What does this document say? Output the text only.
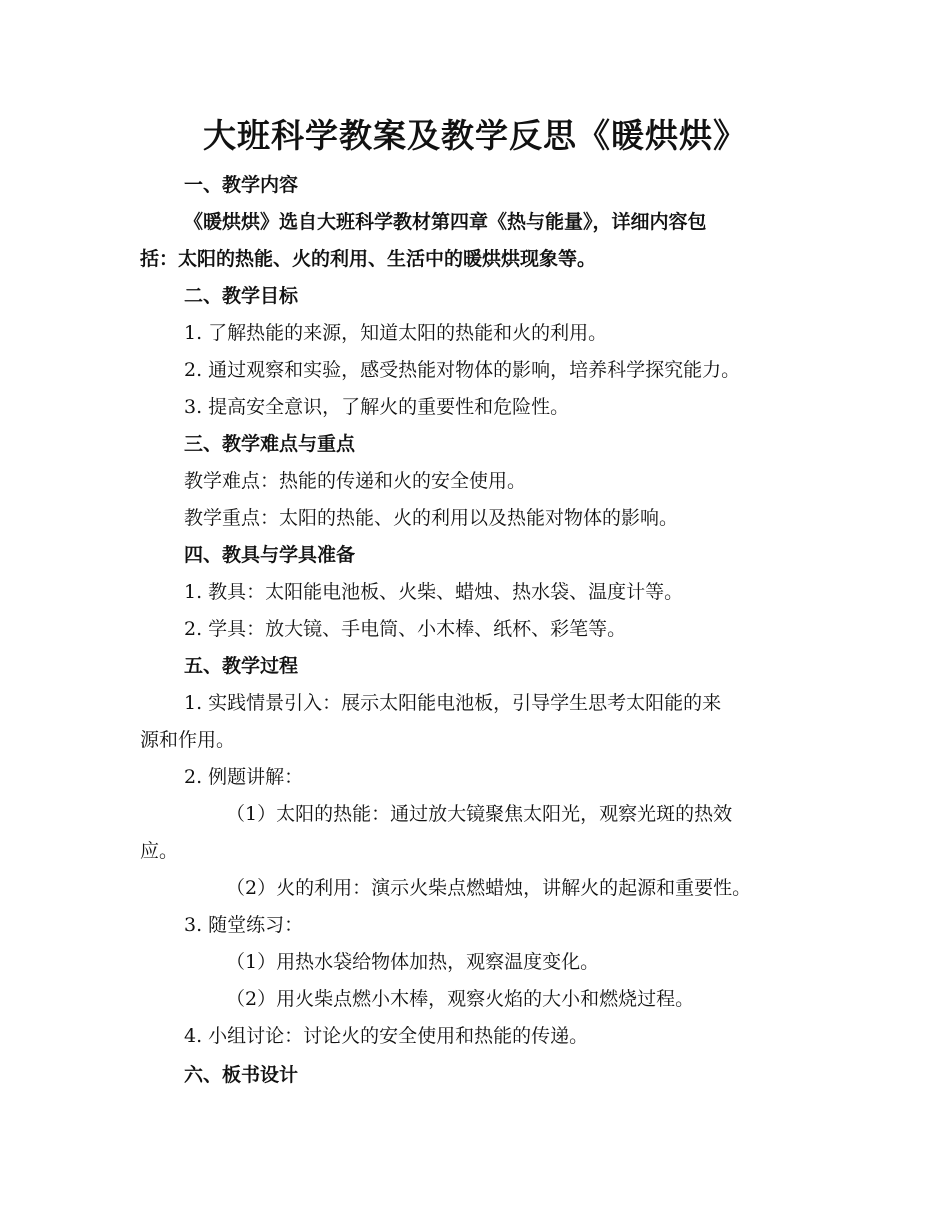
大班科学教案及教学反思《暖烘烘》

一、教学内容

《暖烘烘》选自大班科学教材第四章《热与能量》，详细内容包

括：太阳的热能、火的利用、生活中的暖烘烘现象等。

二、教学目标

1. 了解热能的来源，知道太阳的热能和火的利用。

2. 通过观察和实验，感受热能对物体的影响，培养科学探究能力。

3. 提高安全意识，了解火的重要性和危险性。

三、教学难点与重点

教学难点：热能的传递和火的安全使用。

教学重点：太阳的热能、火的利用以及热能对物体的影响。

四、教具与学具准备

1. 教具：太阳能电池板、火柴、蜡烛、热水袋、温度计等。

2. 学具：放大镜、手电筒、小木棒、纸杯、彩笔等。

五、教学过程

1. 实践情景引入：展示太阳能电池板，引导学生思考太阳能的来

源和作用。

2. 例题讲解：

（1）太阳的热能：通过放大镜聚焦太阳光，观察光斑的热效

应。

（2）火的利用：演示火柴点燃蜡烛，讲解火的起源和重要性。

3. 随堂练习：

（1）用热水袋给物体加热，观察温度变化。

（2）用火柴点燃小木棒，观察火焰的大小和燃烧过程。

4. 小组讨论：讨论火的安全使用和热能的传递。

六、板书设计
